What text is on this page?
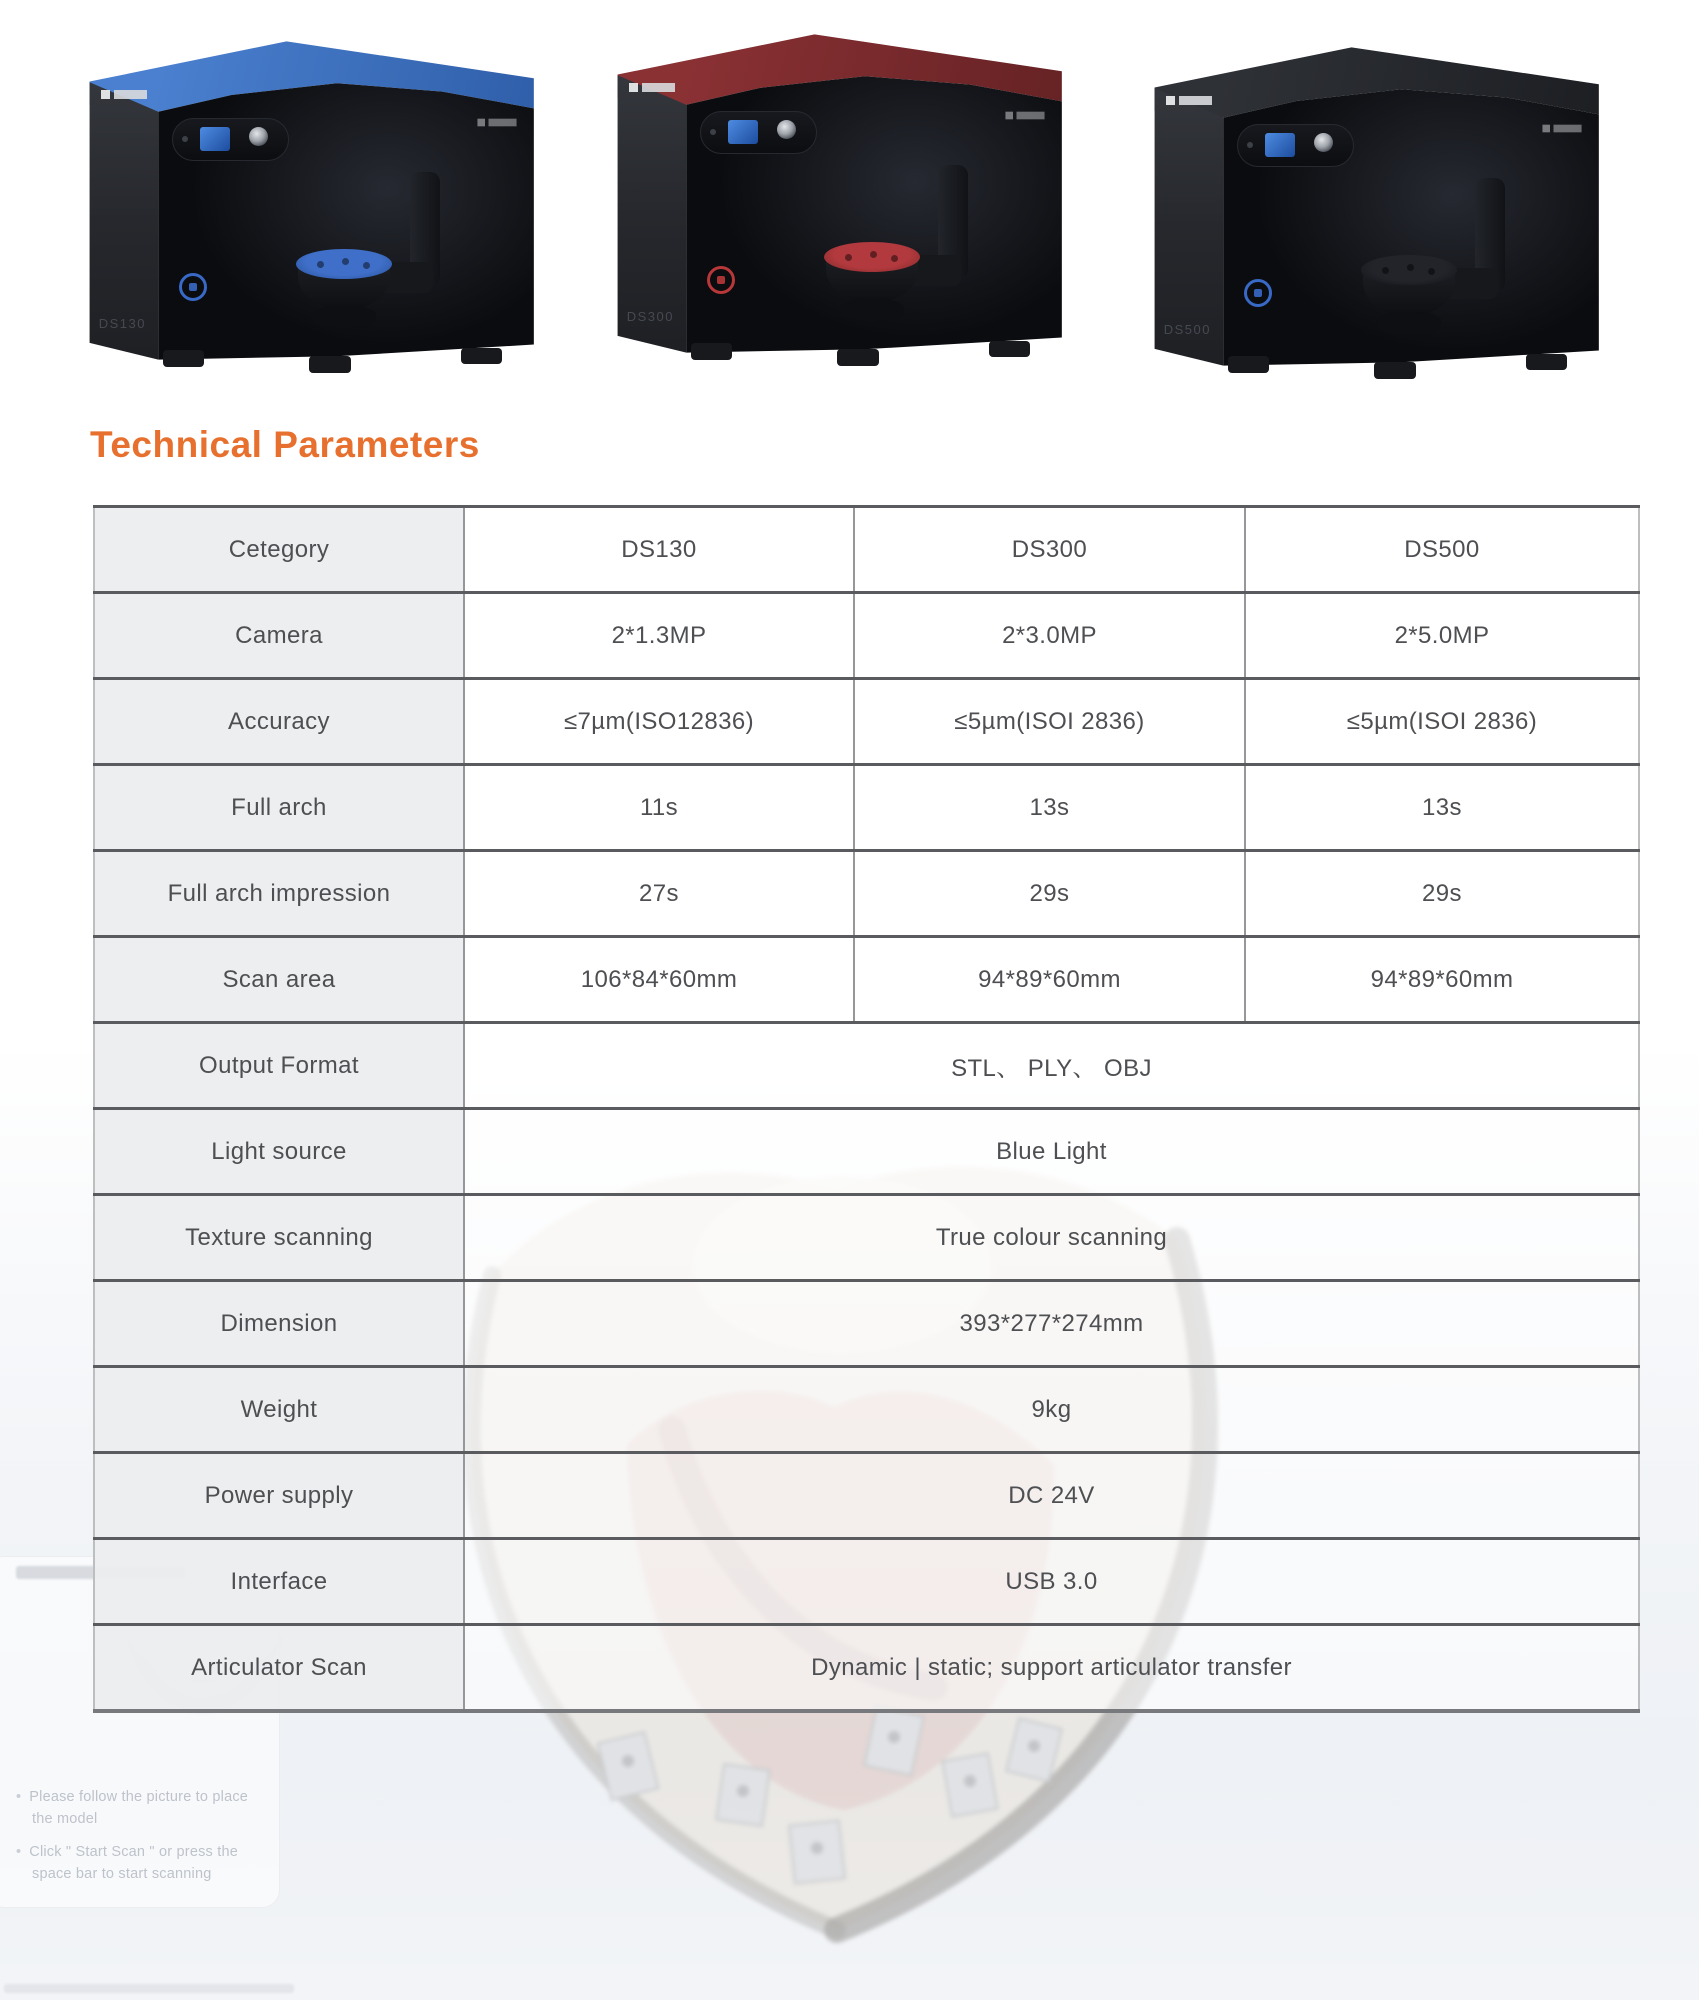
• Please follow the picture to place
the model
• Click " Start Scan " or press the
space bar to start scanning
DS130	DS300
DS500
Technical Parameters
Cetegory	DS130	DS300	DS500
Camera	2*1.3MP	2*3.0MP	2*5.0MP
Accuracy	≤7µm(ISO12836)	≤5µm(ISOI 2836)	≤5µm(ISOI 2836)
Full arch	11s	13s	13s
Full arch impression	27s	29s	29s
Scan area	106*84*60mm	94*89*60mm	94*89*60mm
Output Format	STL、 PLY、 OBJ		
Light source	Blue Light		
Texture scanning	True colour scanning		
Dimension	393*277*274mm		
Weight	9kg		
Power supply	DC 24V		
Interface	USB 3.0		
Articulator Scan	Dynamic | static; support articulator transfer		
